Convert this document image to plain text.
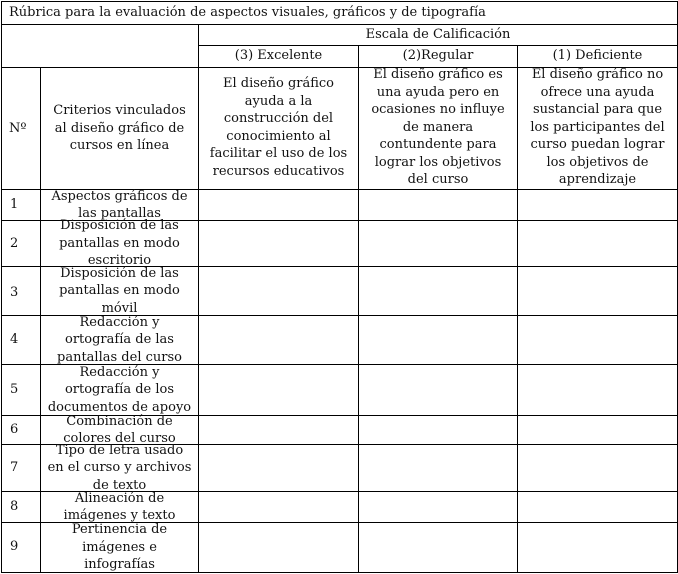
Rúbrica para la evaluación de aspectos visuales, gráficos y de tipografía
Escala de Calificación
(3) Excelente	(2)Regular	(1) Deficiente
El diseño gráfico
ayuda a la
construcción del
conocimiento al
facilitar el uso de los
recursos educativos
El diseño gráfico es
una ayuda pero en
ocasiones no influye
de manera
contundente para
lograr los objetivos
del curso
El diseño gráfico no
ofrece una ayuda
sustancial para que
los participantes del
curso puedan lograr
los objetivos de
aprendizaje
Nº
Criterios vinculados
al diseño gráfico de
cursos en línea
1
Aspectos gráficos de
las pantallas
2
Disposición de las
pantallas en modo
escritorio
3
Disposición de las
pantallas en modo
móvil
4
Redacción y
ortografía de las
pantallas del curso
5
Redacción y
ortografía de los
documentos de apoyo
6
Combinación de
colores del curso
7
Tipo de letra usado
en el curso y archivos
de texto
8
Alineación de
imágenes y texto
9
Pertinencia de
imágenes e
infografías
